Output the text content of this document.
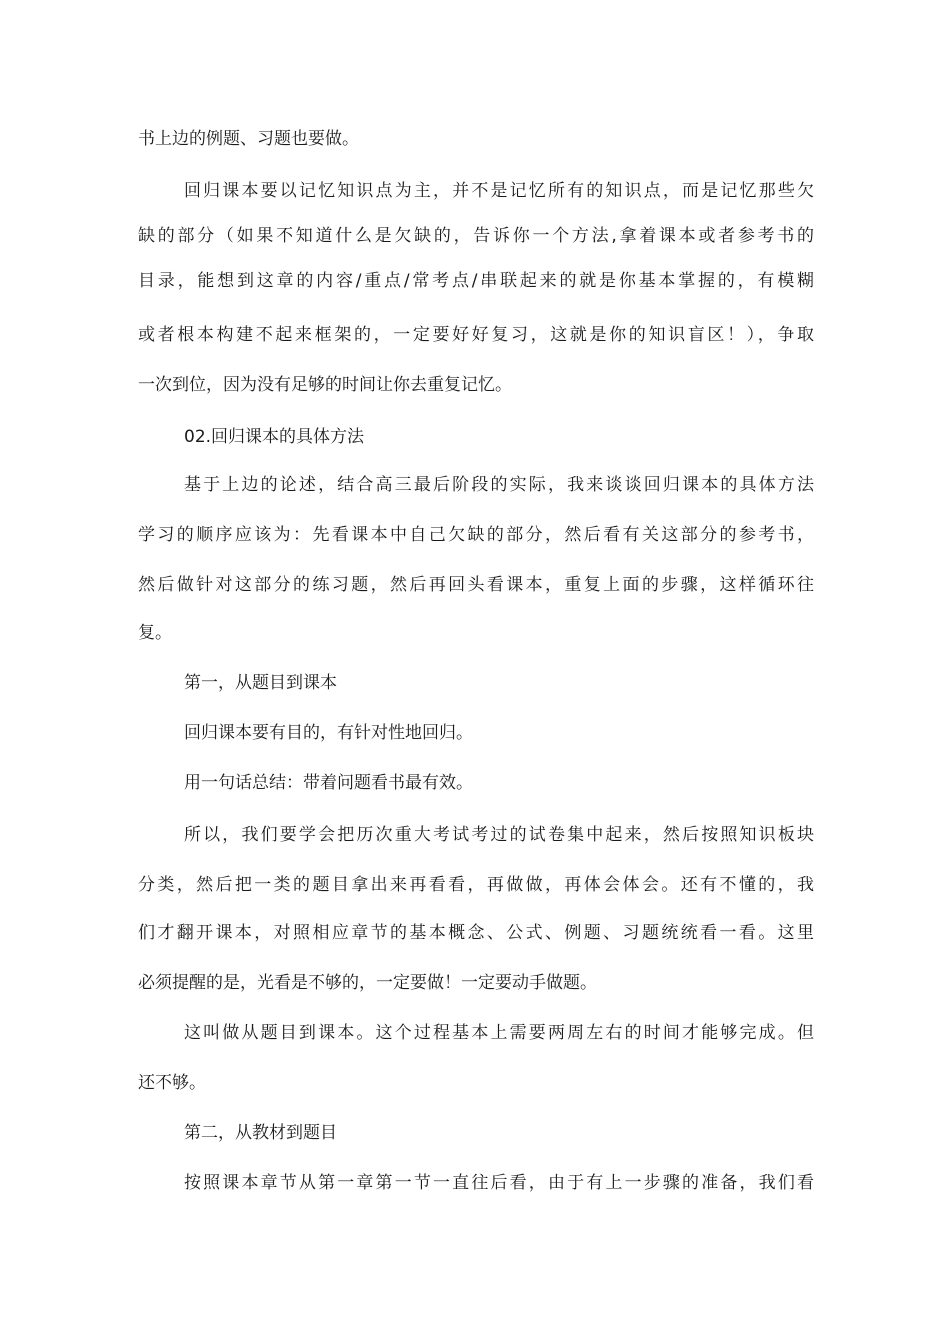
书上边的例题、习题也要做。

回归课本要以记忆知识点为主，并不是记忆所有的知识点，而是记忆那些欠

缺的部分（如果不知道什么是欠缺的，告诉你一个方法,拿着课本或者参考书的

目录，能想到这章的内容/重点/常考点/串联起来的就是你基本掌握的，有模糊

或者根本构建不起来框架的，一定要好好复习，这就是你的知识盲区！），争取

一次到位，因为没有足够的时间让你去重复记忆。

02.回归课本的具体方法

基于上边的论述，结合高三最后阶段的实际，我来谈谈回归课本的具体方法

学习的顺序应该为：先看课本中自己欠缺的部分，然后看有关这部分的参考书，

然后做针对这部分的练习题，然后再回头看课本，重复上面的步骤，这样循环往

复。

第一，从题目到课本

回归课本要有目的，有针对性地回归。

用一句话总结：带着问题看书最有效。

所以，我们要学会把历次重大考试考过的试卷集中起来，然后按照知识板块

分类，然后把一类的题目拿出来再看看，再做做，再体会体会。还有不懂的，我

们才翻开课本，对照相应章节的基本概念、公式、例题、习题统统看一看。这里

必须提醒的是，光看是不够的，一定要做！一定要动手做题。

这叫做从题目到课本。这个过程基本上需要两周左右的时间才能够完成。但

还不够。

第二，从教材到题目

按照课本章节从第一章第一节一直往后看，由于有上一步骤的准备，我们看
